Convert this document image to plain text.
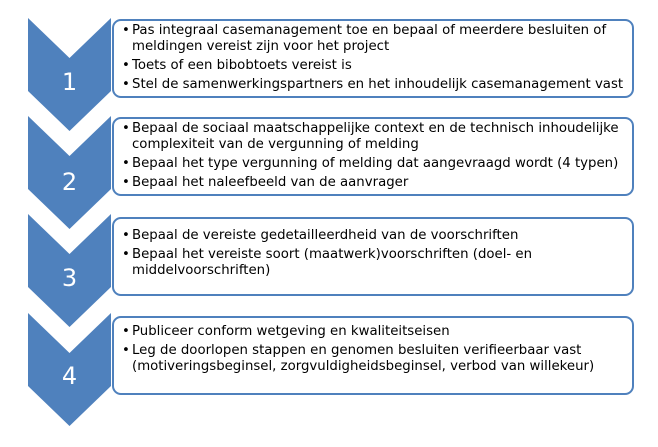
1
• Pas integraal casemanagement toe en bepaal of meerdere besluiten of meldingen vereist zijn voor het project
• Toets of een bibobtoets vereist is
• Stel de samenwerkingspartners en het inhoudelijk casemanagement vast
2
• Bepaal de sociaal maatschappelijke context en de technisch inhoudelijke complexiteit van de vergunning of melding
• Bepaal het type vergunning of melding dat aangevraagd wordt (4 typen)
• Bepaal het naleefbeeld van de aanvrager
3
• Bepaal de vereiste gedetailleerdheid van de voorschriften
• Bepaal het vereiste soort (maatwerk)voorschriften (doel- en middelvoorschriften)
4
• Publiceer conform wetgeving en kwaliteitseisen
• Leg de doorlopen stappen en genomen besluiten verifieerbaar vast (motiveringsbeginsel, zorgvuldigheidsbeginsel, verbod van willekeur)
